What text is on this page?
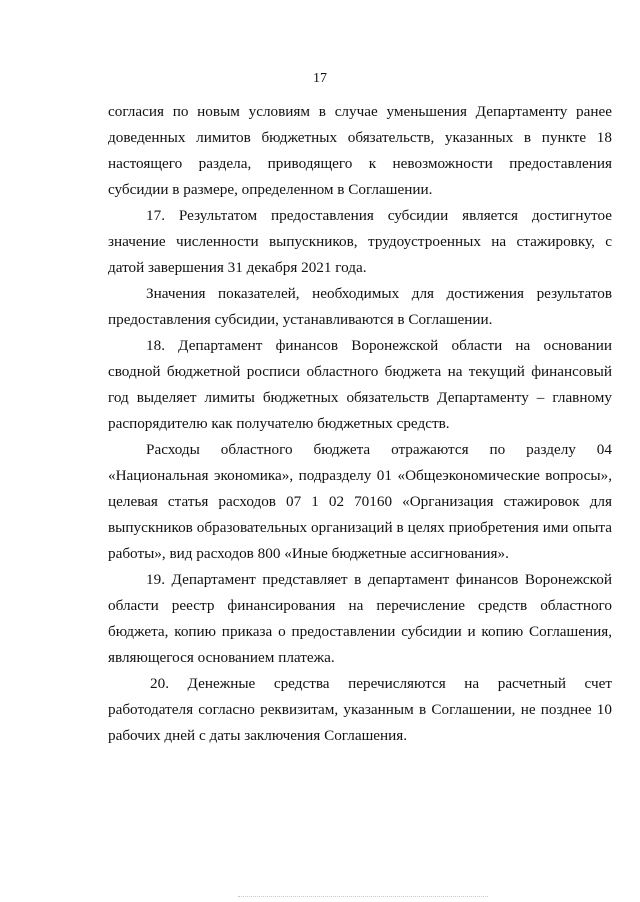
17

согласия по новым условиям в случае уменьшения Департаменту ранее доведенных лимитов бюджетных обязательств, указанных в пункте 18 настоящего раздела, приводящего к невозможности предоставления субсидии в размере, определенном в Соглашении.

17. Результатом предоставления субсидии является достигнутое значение численности выпускников, трудоустроенных на стажировку, с датой завершения 31 декабря 2021 года.

Значения показателей, необходимых для достижения результатов предоставления субсидии, устанавливаются в Соглашении.

18. Департамент финансов Воронежской области на основании сводной бюджетной росписи областного бюджета на текущий финансовый год выделяет лимиты бюджетных обязательств Департаменту – главному распорядителю как получателю бюджетных средств.

Расходы областного бюджета отражаются по разделу 04 «Национальная экономика», подразделу 01 «Общеэкономические вопросы», целевая статья расходов 07 1 02 70160 «Организация стажировок для выпускников образовательных организаций в целях приобретения ими опыта работы», вид расходов 800 «Иные бюджетные ассигнования».

19. Департамент представляет в департамент финансов Воронежской области реестр финансирования на перечисление средств областного бюджета, копию приказа о предоставлении субсидии и копию Соглашения, являющегося основанием платежа.

20. Денежные средства перечисляются на расчетный счет работодателя согласно реквизитам, указанным в Соглашении, не позднее 10 рабочих дней с даты заключения Соглашения.
